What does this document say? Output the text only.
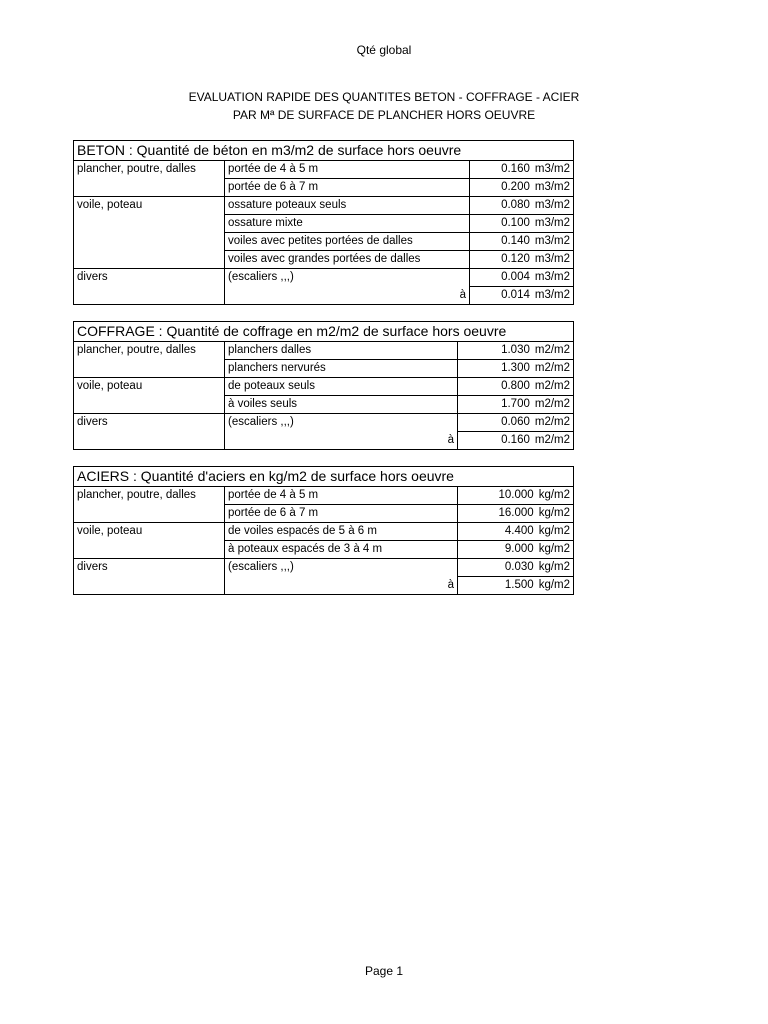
Qté global
EVALUATION RAPIDE DES QUANTITES BETON - COFFRAGE - ACIER
PAR Mª DE SURFACE DE PLANCHER HORS OEUVRE
BETON : Quantité de béton en m3/m2 de surface hors oeuvre		
plancher, poutre, dalles	portée de 4 à 5 m	0.160 m3/m2
	portée de 6 à 7 m	0.200 m3/m2
voile, poteau	ossature poteaux seuls	0.080 m3/m2
	ossature mixte	0.100 m3/m2
	voiles avec petites portées de dalles	0.140 m3/m2
	voiles avec grandes portées de dalles	0.120 m3/m2
divers	(escaliers ,,,)	0.004 m3/m2
	à	0.014 m3/m2
COFFRAGE : Quantité de coffrage en m2/m2 de surface hors oeuvre		
plancher, poutre, dalles	planchers dalles	1.030 m2/m2
	planchers nervurés	1.300 m2/m2
voile, poteau	de poteaux seuls	0.800 m2/m2
	à voiles seuls	1.700 m2/m2
divers	(escaliers ,,,)	0.060 m2/m2
	à	0.160 m2/m2
ACIERS : Quantité d'aciers en kg/m2 de surface hors oeuvre		
plancher, poutre, dalles	portée de 4 à 5 m	10.000 kg/m2
	portée de 6 à 7 m	16.000 kg/m2
voile, poteau	de voiles espacés de 5 à 6 m	4.400 kg/m2
	à poteaux espacés de 3 à 4 m	9.000 kg/m2
divers	(escaliers ,,,)	0.030 kg/m2
	à	1.500 kg/m2
Page 1
